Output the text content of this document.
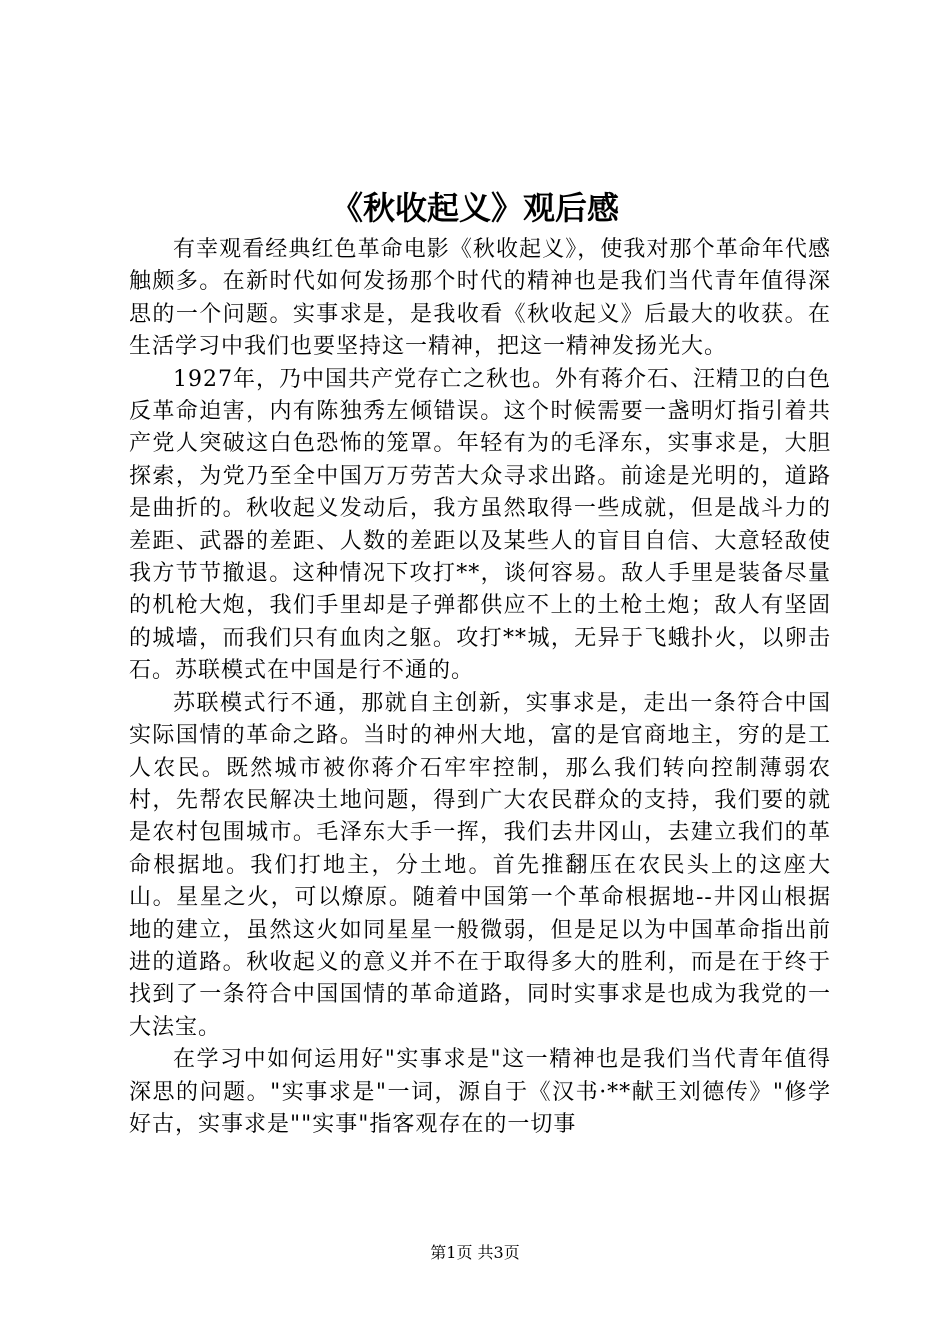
《秋收起义》观后感

有幸观看经典红色革命电影《秋收起义》，使我对那个革命年代感触颇多。在新时代如何发扬那个时代的精神也是我们当代青年值得深思的一个问题。实事求是，是我收看《秋收起义》后最大的收获。在生活学习中我们也要坚持这一精神，把这一精神发扬光大。

1927年，乃中国共产党存亡之秋也。外有蒋介石、汪精卫的白色反革命迫害，内有陈独秀左倾错误。这个时候需要一盏明灯指引着共产党人突破这白色恐怖的笼罩。年轻有为的毛泽东，实事求是，大胆探索，为党乃至全中国万万劳苦大众寻求出路。前途是光明的，道路是曲折的。秋收起义发动后，我方虽然取得一些成就，但是战斗力的差距、武器的差距、人数的差距以及某些人的盲目自信、大意轻敌使我方节节撤退。这种情况下攻打**，谈何容易。敌人手里是装备尽量的机枪大炮，我们手里却是子弹都供应不上的土枪土炮；敌人有坚固的城墙，而我们只有血肉之躯。攻打**城，无异于飞蛾扑火，以卵击石。苏联模式在中国是行不通的。

苏联模式行不通，那就自主创新，实事求是，走出一条符合中国实际国情的革命之路。当时的神州大地，富的是官商地主，穷的是工人农民。既然城市被你蒋介石牢牢控制，那么我们转向控制薄弱农村，先帮农民解决土地问题，得到广大农民群众的支持，我们要的就是农村包围城市。毛泽东大手一挥，我们去井冈山，去建立我们的革命根据地。我们打地主，分土地。首先推翻压在农民头上的这座大山。星星之火，可以燎原。随着中国第一个革命根据地--井冈山根据地的建立，虽然这火如同星星一般微弱，但是足以为中国革命指出前进的道路。秋收起义的意义并不在于取得多大的胜利，而是在于终于找到了一条符合中国国情的革命道路，同时实事求是也成为我党的一大法宝。

在学习中如何运用好"实事求是"这一精神也是我们当代青年值得深思的问题。"实事求是"一词，源自于《汉书·**献王刘德传》"修学好古，实事求是""实事"指客观存在的一切事

第1页 共3页
